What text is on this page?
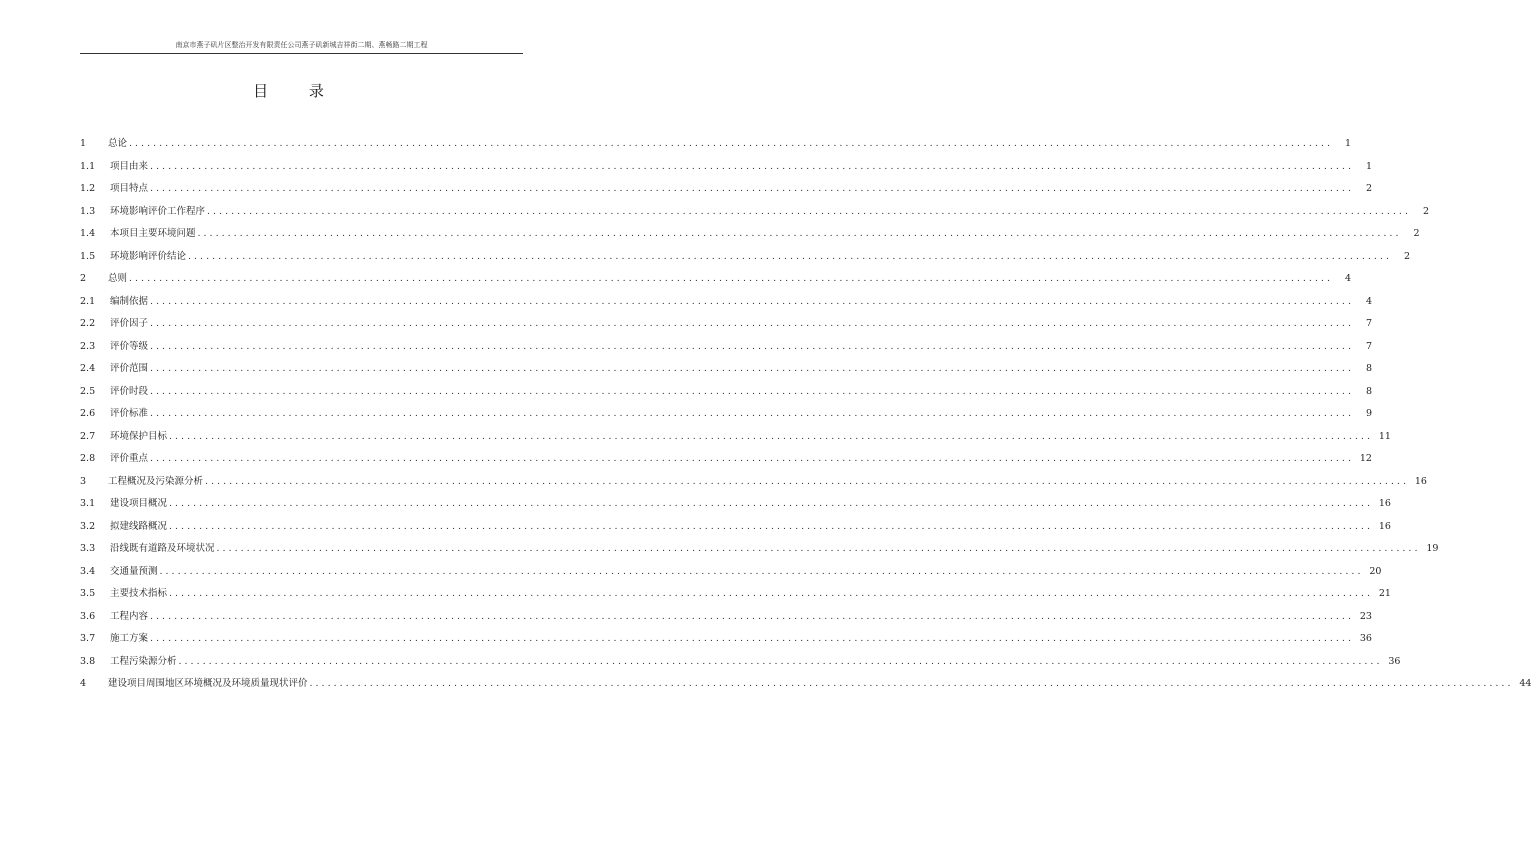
南京市燕子矶片区整治开发有限责任公司燕子矶新城吉祥街二期、燕畅路二期工程
目 录
1	总论 ........................................................................................................................................................................................................	1
1.1	项目由来 ........................................................................................................................................................................................................	1
1.2	项目特点 ........................................................................................................................................................................................................	2
1.3	环境影响评价工作程序 ........................................................................................................................................................................................................	2
1.4	本项目主要环境问题 ........................................................................................................................................................................................................	2
1.5	环境影响评价结论 ........................................................................................................................................................................................................	2
2	总则 ........................................................................................................................................................................................................	4
2.1	编制依据 ........................................................................................................................................................................................................	4
2.2	评价因子 ........................................................................................................................................................................................................	7
2.3	评价等级 ........................................................................................................................................................................................................	7
2.4	评价范围 ........................................................................................................................................................................................................	8
2.5	评价时段 ........................................................................................................................................................................................................	8
2.6	评价标准 ........................................................................................................................................................................................................	9
2.7	环境保护目标 ........................................................................................................................................................................................................ 11
2.8	评价重点 ........................................................................................................................................................................................................ 12
3	工程概况及污染源分析 ........................................................................................................................................................................................................ 16
3.1	建设项目概况 ........................................................................................................................................................................................................ 16
3.2	拟建线路概况 ........................................................................................................................................................................................................ 16
3.3	沿线既有道路及环境状况 ........................................................................................................................................................................................................ 19
3.4	交通量预测 ........................................................................................................................................................................................................ 20
3.5	主要技术指标 ........................................................................................................................................................................................................ 21
3.6	工程内容 ........................................................................................................................................................................................................ 23
3.7	施工方案 ........................................................................................................................................................................................................ 36
3.8	工程污染源分析 ........................................................................................................................................................................................................ 36
4	建设项目周围地区环境概况及环境质量现状评价 ........................................................................................................................................................................................................ 44
